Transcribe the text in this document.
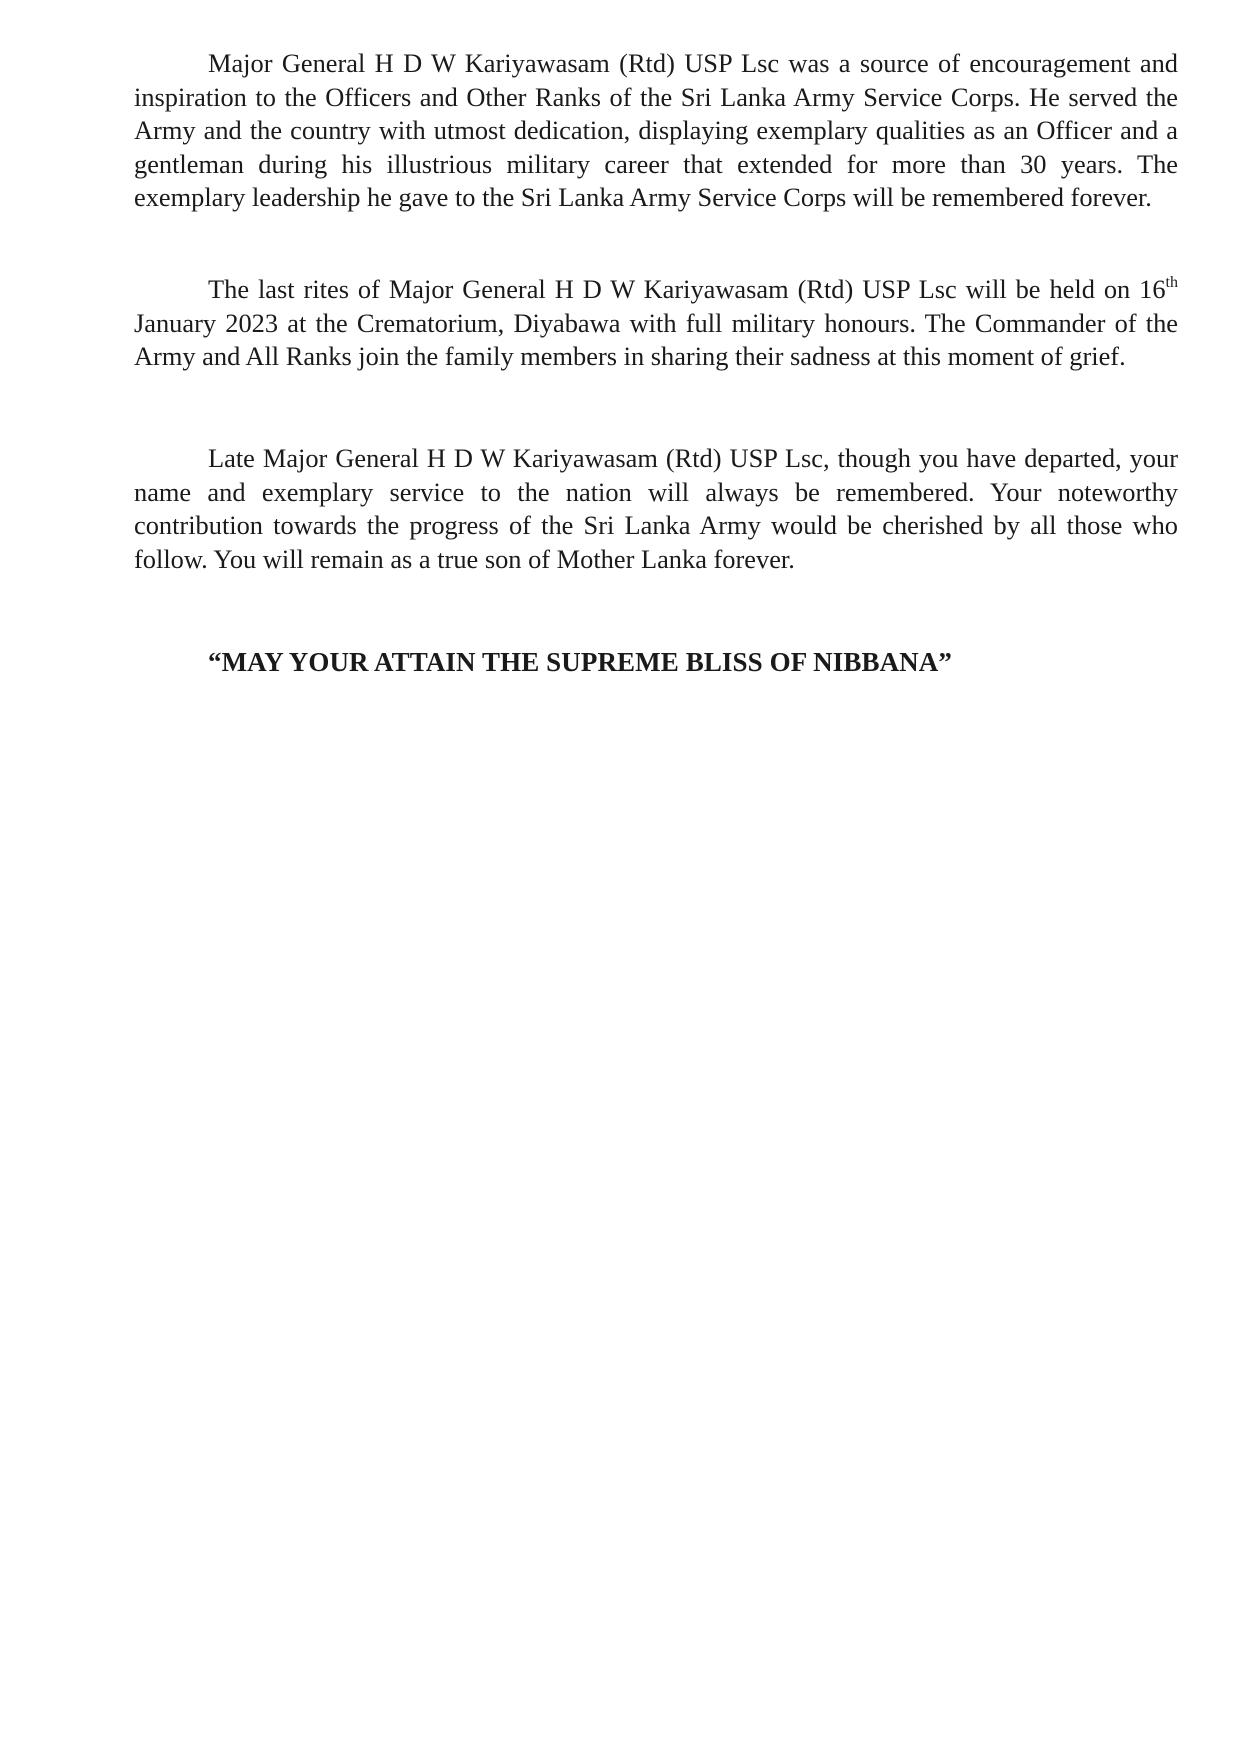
Major General H D W Kariyawasam (Rtd) USP Lsc was a source of encouragement and inspiration to the Officers and Other Ranks of the Sri Lanka Army Service Corps. He served the Army and the country with utmost dedication, displaying exemplary qualities as an Officer and a gentleman during his illustrious military career that extended for more than 30 years. The exemplary leadership he gave to the Sri Lanka Army Service Corps will be remembered forever.

The last rites of Major General H D W Kariyawasam (Rtd) USP Lsc will be held on 16th January 2023 at the Crematorium, Diyabawa with full military honours. The Commander of the Army and All Ranks join the family members in sharing their sadness at this moment of grief.

Late Major General H D W Kariyawasam (Rtd) USP Lsc, though you have departed, your name and exemplary service to the nation will always be remembered. Your noteworthy contribution towards the progress of the Sri Lanka Army would be cherished by all those who follow. You will remain as a true son of Mother Lanka forever.

“MAY YOUR ATTAIN THE SUPREME BLISS OF NIBBANA”
